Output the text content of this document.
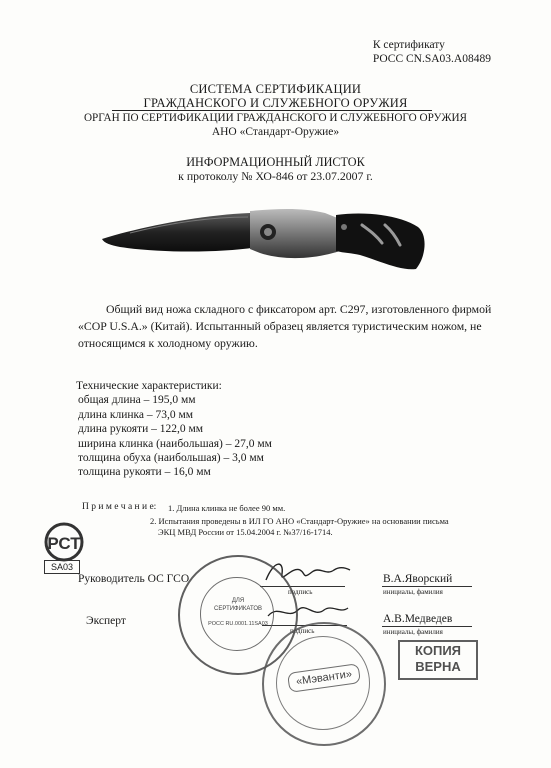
К сертификату
РОСС CN.SA03.A08489
СИСТЕМА СЕРТИФИКАЦИИ
ГРАЖДАНСКОГО И СЛУЖЕБНОГО ОРУЖИЯ
ОРГАН ПО СЕРТИФИКАЦИИ ГРАЖДАНСКОГО И СЛУЖЕБНОГО ОРУЖИЯ
АНО «Стандарт-Оружие»
ИНФОРМАЦИОННЫЙ ЛИСТОК
к протоколу № ХО-846 от 23.07.2007 г.
Общий вид ножа складного с фиксатором арт. С297, изготовленного фирмой
«COP U.S.A.» (Китай). Испытанный образец является туристическим ножом, не
относящимся к холодному оружию.
Технические характеристики:
общая длина – 195,0 мм
длина клинка – 73,0 мм
длина рукояти – 122,0 мм
ширина клинка (наибольшая) – 27,0 мм
толщина обуха (наибольшая) – 3,0 мм
толщина рукояти – 16,0 мм
П р и м е ч а н и е: 1. Длина клинка не более 90 мм.
2. Испытания проведены в ИЛ ГО АНО «Стандарт-Оружие» на основании письма
ЭКЦ МВД России от 15.04.2004 г. №37/16-1714.
РСТ
SA03
Руководитель ОС ГСО
подпись
В.А.Яворский
инициалы, фамилия
Эксперт
подпись
А.В.Медведев
инициалы, фамилия
ДЛЯ СЕРТИФИКАТОВ
РОСС RU.0001.11SA03
«Мэванти»
КОПИЯ
ВЕРНА
